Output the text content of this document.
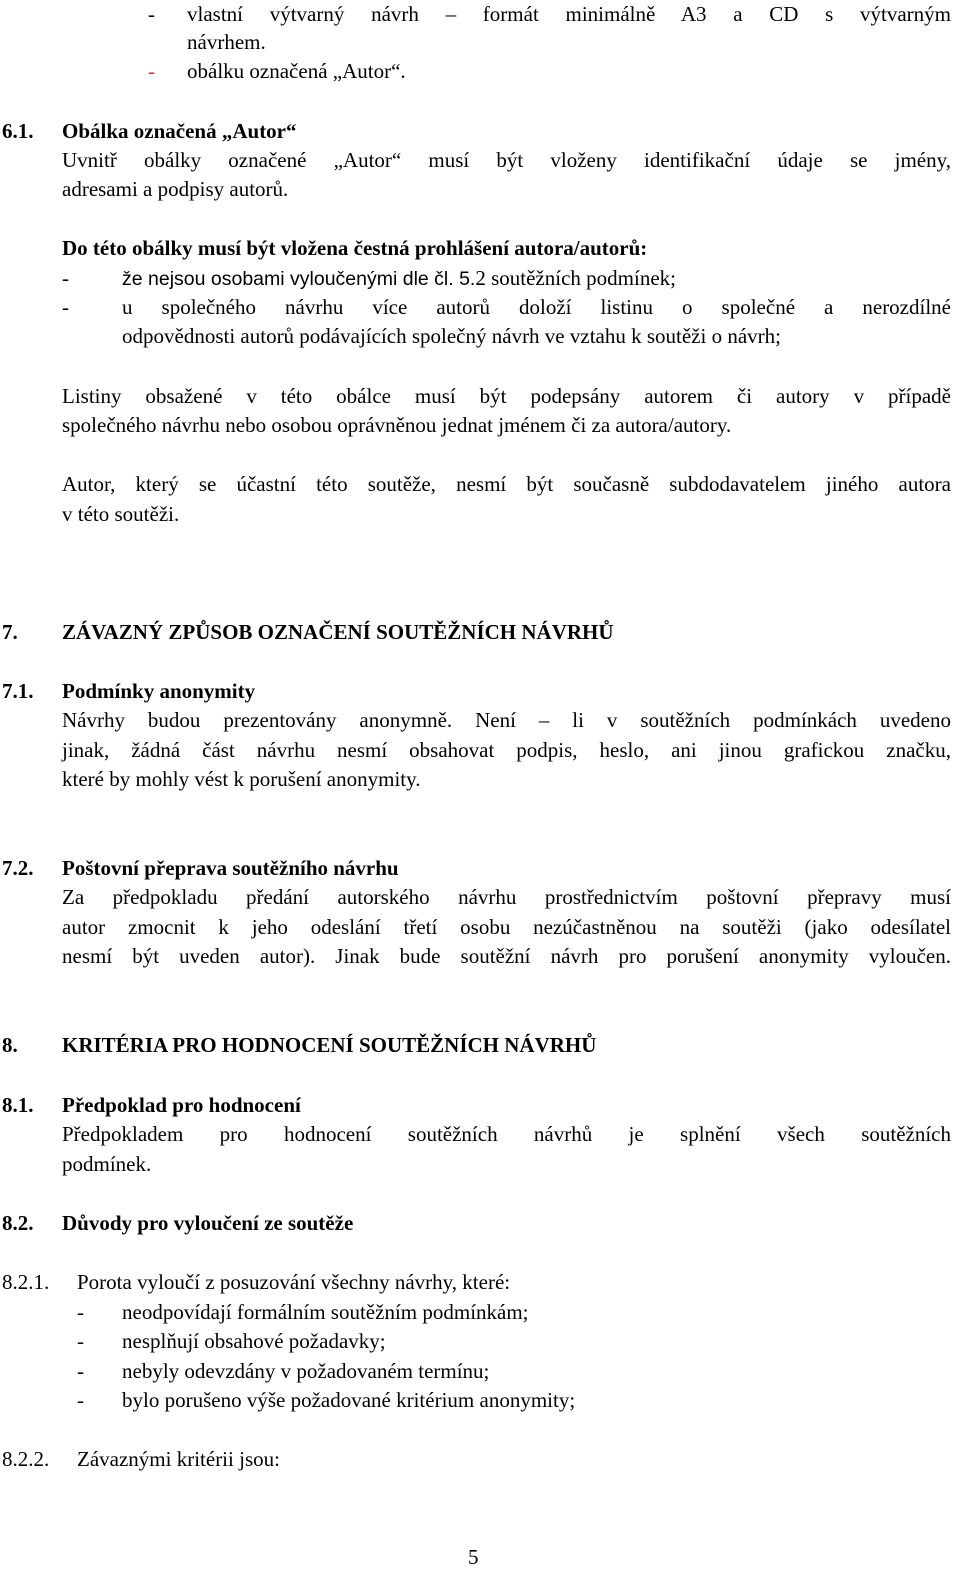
- vlastní výtvarný návrh – formát minimálně A3 a CD s výtvarným
návrhem.
- obálku označená „Autor“.
6.1. Obálka označená „Autor“
Uvnitř obálky označené „Autor“ musí být vloženy identifikační údaje se jmény,
adresami a podpisy autorů.
Do této obálky musí být vložena čestná prohlášení autora/autorů:
-	že nejsou osobami vyloučenými dle čl. 5.2 soutěžních podmínek;
-	u společného návrhu více autorů doloží listinu o společné a nerozdílné
odpovědnosti autorů podávajících společný návrh ve vztahu k soutěži o návrh;
Listiny obsažené v této obálce musí být podepsány autorem či autory v případě
společného návrhu nebo osobou oprávněnou jednat jménem či za autora/autory.
Autor, který se účastní této soutěže, nesmí být současně subdodavatelem jiného autora
v této soutěži.
7. ZÁVAZNÝ ZPŮSOB OZNAČENÍ SOUTĚŽNÍCH NÁVRHŮ
7.1. Podmínky anonymity
Návrhy budou prezentovány anonymně. Není – li v soutěžních podmínkách uvedeno
jinak, žádná část návrhu nesmí obsahovat podpis, heslo, ani jinou grafickou značku,
které by mohly vést k porušení anonymity.
7.2. Poštovní přeprava soutěžního návrhu
Za předpokladu předání autorského návrhu prostřednictvím poštovní přepravy musí
autor zmocnit k jeho odeslání třetí osobu nezúčastněnou na soutěži (jako odesílatel
nesmí být uveden autor). Jinak bude soutěžní návrh pro porušení anonymity vyloučen.
8. KRITÉRIA PRO HODNOCENÍ SOUTĚŽNÍCH NÁVRHŮ
8.1. Předpoklad pro hodnocení
Předpokladem pro hodnocení soutěžních návrhů je splnění všech soutěžních
podmínek.
8.2. Důvody pro vyloučení ze soutěže
8.2.1. Porota vyloučí z posuzování všechny návrhy, které:
- neodpovídají formálním soutěžním podmínkám;
- nesplňují obsahové požadavky;
- nebyly odevzdány v požadovaném termínu;
- bylo porušeno výše požadované kritérium anonymity;
8.2.2. Závaznými kritérii jsou:
5
